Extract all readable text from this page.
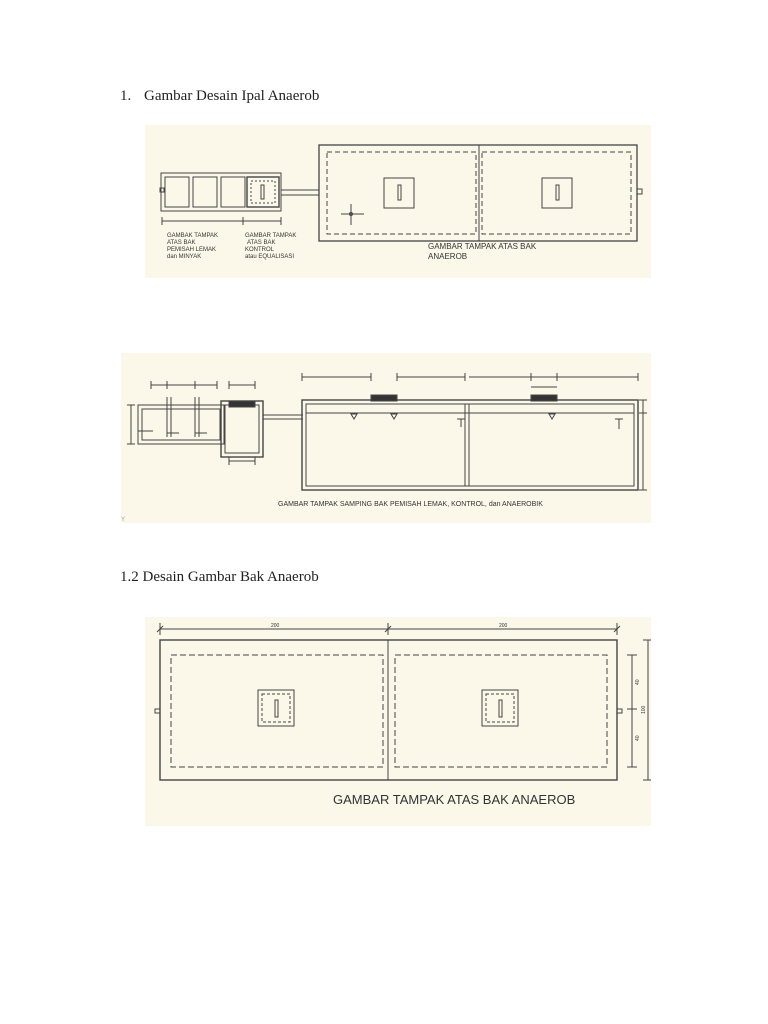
1. Gambar Desain Ipal Anaerob
GAMBAK TAMPAK
ATAS BAK
PEMISAH LEMAK
dan MINYAK
GAMBAR TAMPAK
ATAS BAK
KONTROL
atau EQUALISASI
GAMBAR TAMPAK ATAS BAK
ANAEROB
GAMBAR TAMPAK SAMPING BAK PEMISAH LEMAK, KONTROL, dan ANAEROBIK
Y
1.2 Desain Gambar Bak Anaerob
200	200
40
40
100
GAMBAR TAMPAK ATAS BAK ANAEROB
